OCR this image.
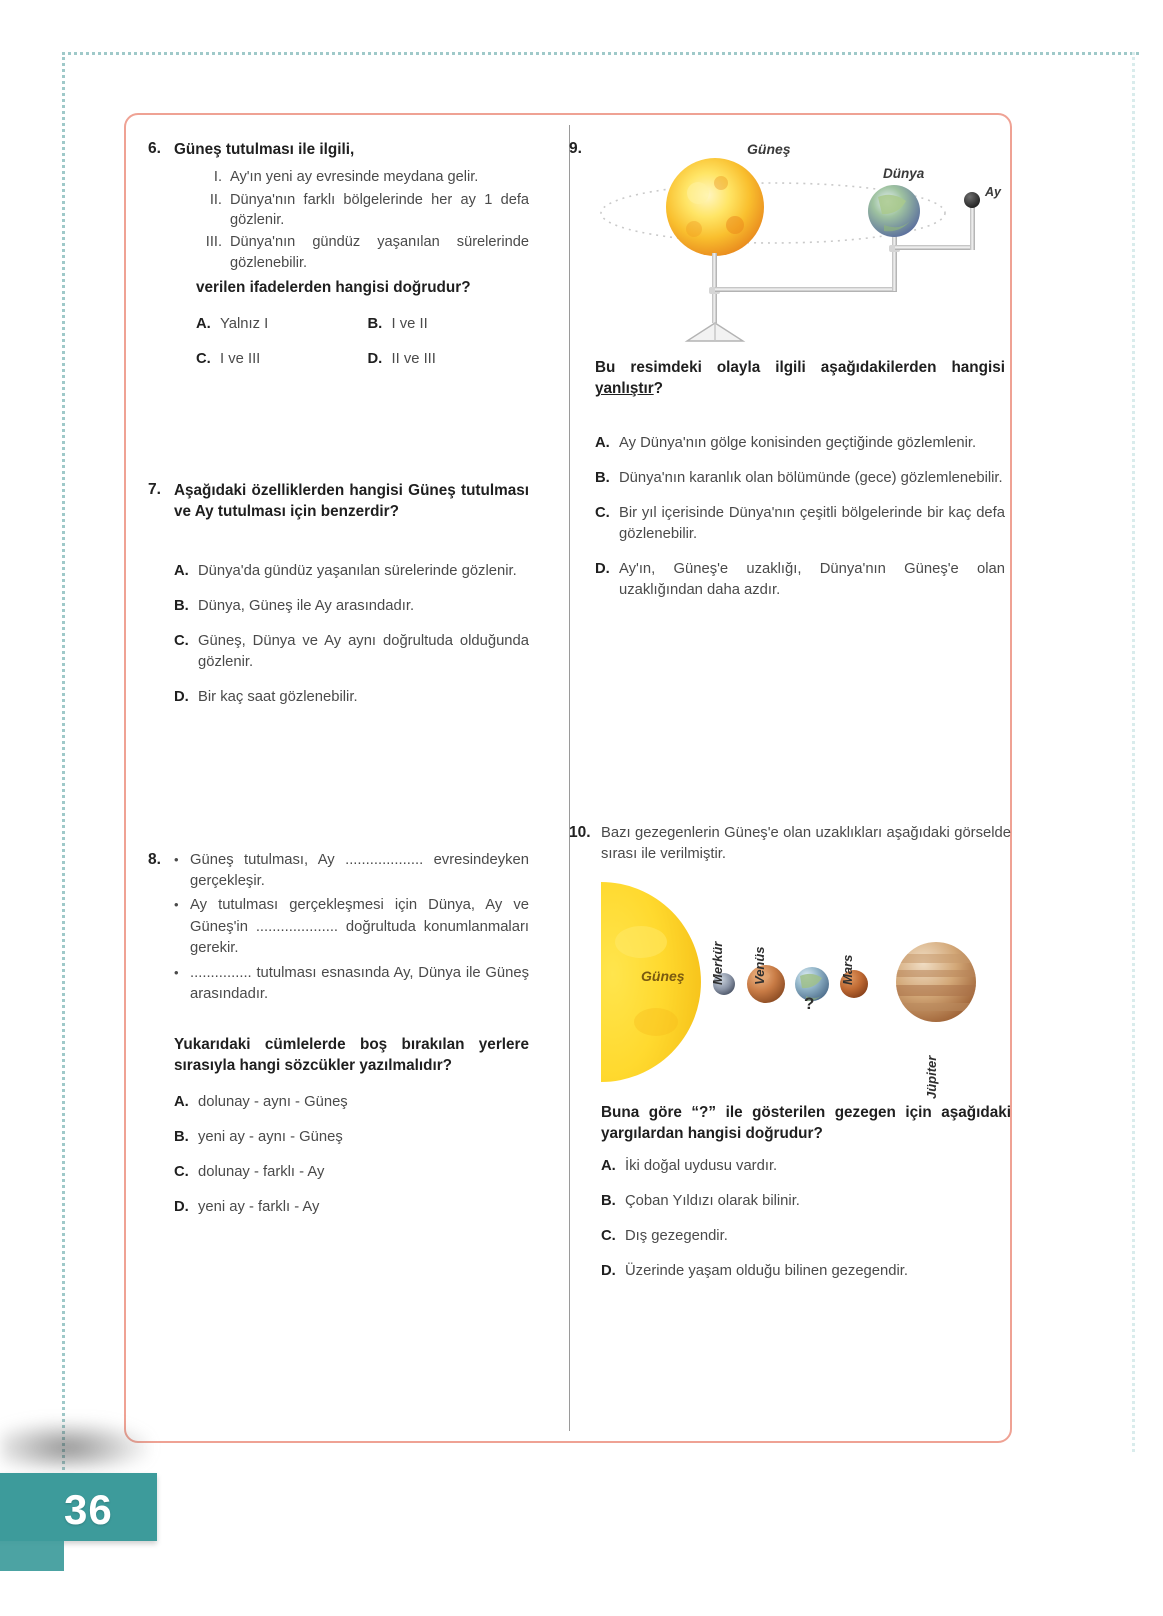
6. Güneş tutulması ile ilgili,
I. Ay'ın yeni ay evresinde meydana gelir.
II. Dünya'nın farklı bölgelerinde her ay 1 defa gözlenir.
III. Dünya'nın gündüz yaşanılan sürelerinde gözlenebilir.
verilen ifadelerden hangisi doğrudur?
A. Yalnız I	B. I ve II
C. I ve III	D. II ve III
7. Aşağıdaki özelliklerden hangisi Güneş tutulması ve Ay tutulması için benzerdir?
A. Dünya'da gündüz yaşanılan sürelerinde gözlenir.
B. Dünya, Güneş ile Ay arasındadır.
C. Güneş, Dünya ve Ay aynı doğrultuda olduğunda gözlenir.
D. Bir kaç saat gözlenebilir.
8.	• Güneş tutulması, Ay ................... evresindeyken gerçekleşir.
• Ay tutulması gerçekleşmesi için Dünya, Ay ve Güneş'in .................... doğrultuda konumlanmaları gerekir.
• ............... tutulması esnasında Ay, Dünya ile Güneş arasındadır.
Yukarıdaki cümlelerde boş bırakılan yerlere sırasıyla hangi sözcükler yazılmalıdır?
A. dolunay - aynı - Güneş
B. yeni ay - aynı - Güneş
C. dolunay - farklı - Ay
D. yeni ay - farklı - Ay
9.	Güneş
Dünya
Ay
Bu resimdeki olayla ilgili aşağıdakilerden hangisi yanlıştır?
A. Ay Dünya'nın gölge konisinden geçtiğinde gözlemlenir.
B. Dünya'nın karanlık olan bölümünde (gece) gözlemlenebilir.
C. Bir yıl içerisinde Dünya'nın çeşitli bölgelerinde bir kaç defa gözlenebilir.
D. Ay'ın, Güneş'e uzaklığı, Dünya'nın Güneş'e olan uzaklığından daha azdır.
10. Bazı gezegenlerin Güneş'e olan uzaklıkları aşağıdaki görselde sırası ile verilmiştir.
Güneş Merkür Venüs
?
Mars
Jüpiter
Buna göre “?” ile gösterilen gezegen için aşağıdaki yargılardan hangisi doğrudur?
A. İki doğal uydusu vardır.
B. Çoban Yıldızı olarak bilinir.
C. Dış gezegendir.
D. Üzerinde yaşam olduğu bilinen gezegendir.
36
